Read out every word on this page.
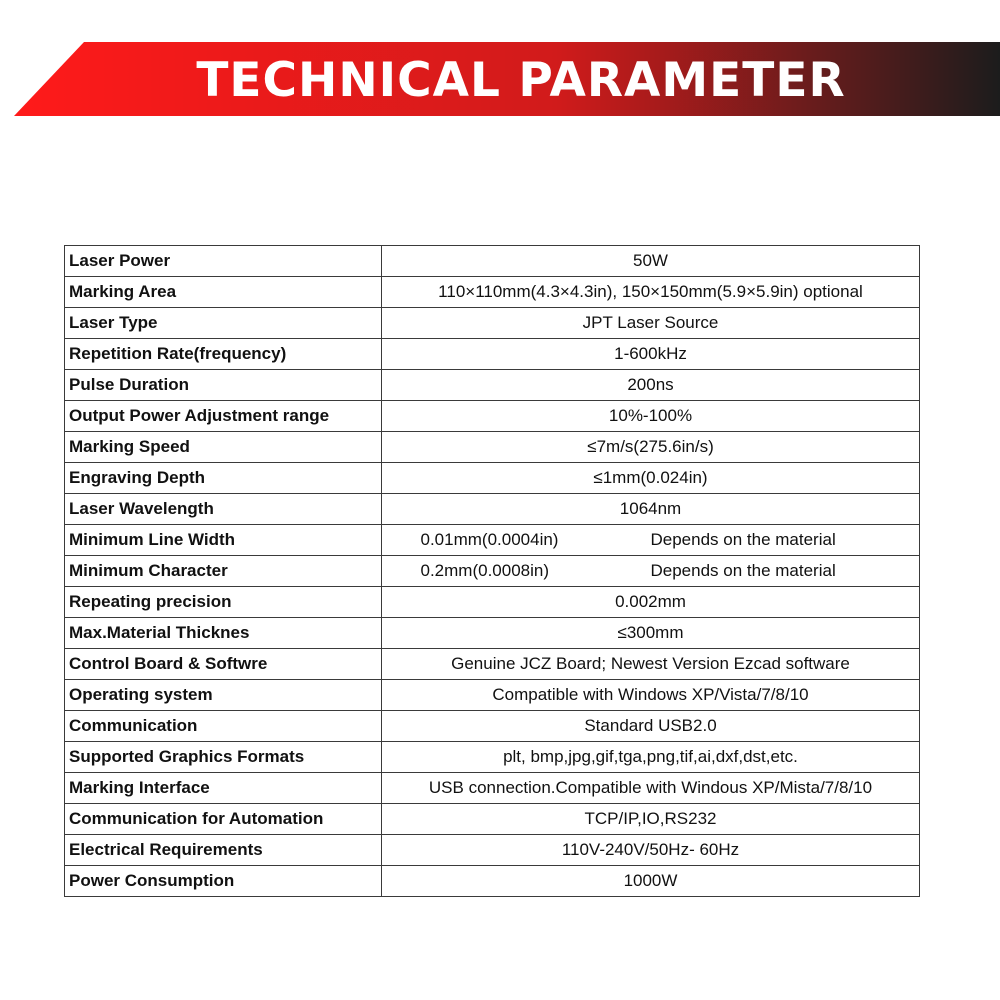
TECHNICAL PARAMETER
Laser Power	50W
Marking Area	110×110mm(4.3×4.3in), 150×150mm(5.9×5.9in) optional
Laser Type	JPT Laser Source
Repetition Rate(frequency)	1-600kHz
Pulse Duration	200ns
Output Power Adjustment range	10%-100%
Marking Speed	≤7m/s(275.6in/s)
Engraving Depth	≤1mm(0.024in)
Laser Wavelength	1064nm
Minimum Line Width	0.01mm(0.0004in) Depends on the material

Minimum Character	0.2mm(0.0008in) Depends on the material

Repeating precision	0.002mm
Max.Material Thicknes	≤300mm
Control Board & Softwre	Genuine JCZ Board; Newest Version Ezcad software
Operating system	Compatible with Windows XP/Vista/7/8/10
Communication	Standard USB2.0
Supported Graphics Formats	plt, bmp,jpg,gif,tga,png,tif,ai,dxf,dst,etc.
Marking Interface	USB connection.Compatible with Windous XP/Mista/7/8/10
Communication for Automation	TCP/IP,IO,RS232
Electrical Requirements	110V-240V/50Hz- 60Hz
Power Consumption	1000W
